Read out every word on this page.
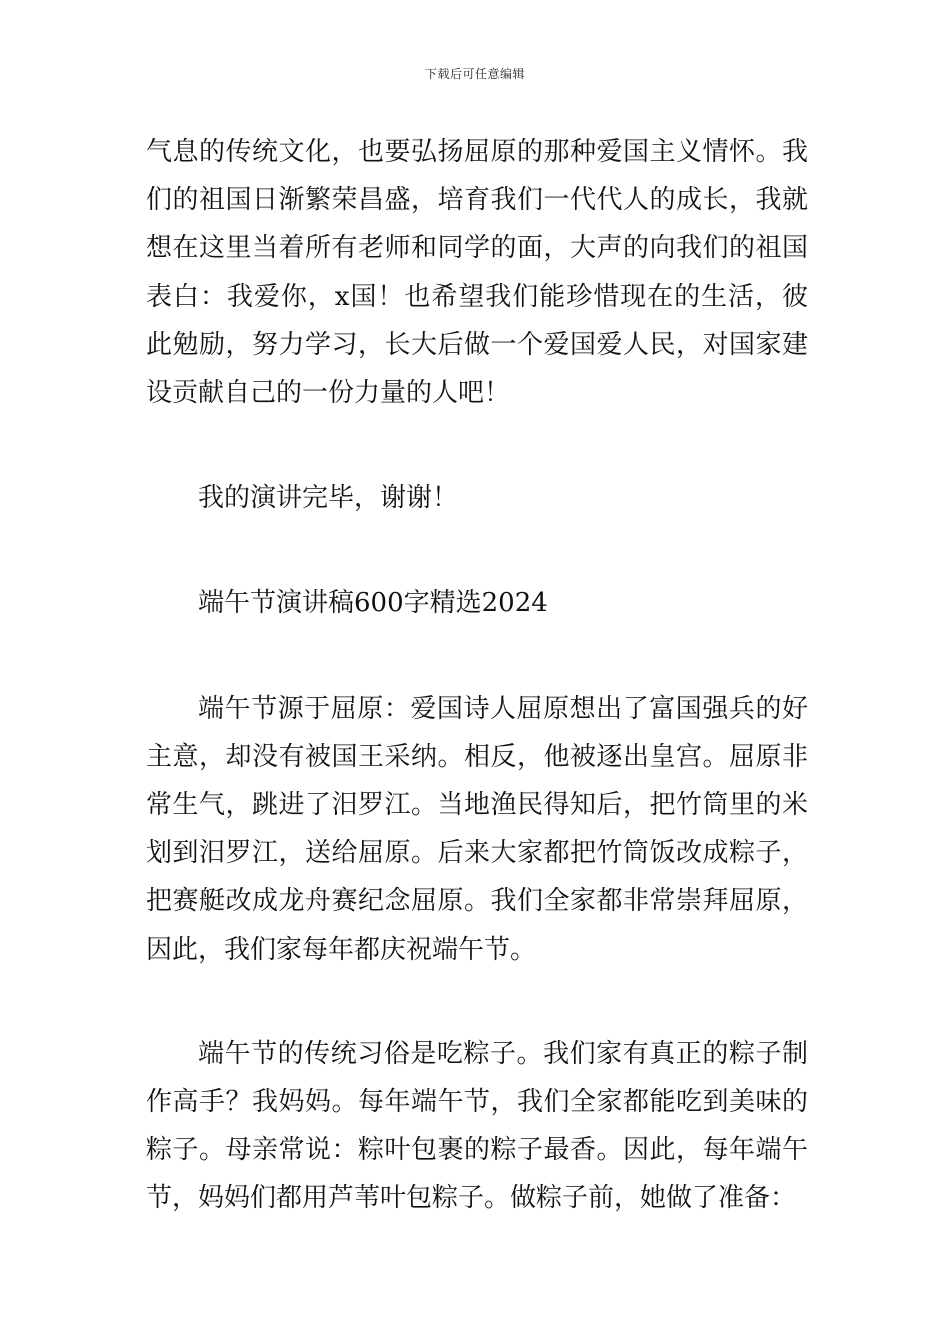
下载后可任意编辑

气息的传统文化，也要弘扬屈原的那种爱国主义情怀。我们的祖国日渐繁荣昌盛，培育我们一代代人的成长，我就想在这里当着所有老师和同学的面，大声的向我们的祖国表白：我爱你，x国！也希望我们能珍惜现在的生活，彼此勉励，努力学习，长大后做一个爱国爱人民，对国家建设贡献自己的一份力量的人吧！

我的演讲完毕，谢谢！

端午节演讲稿600字精选2024

端午节源于屈原：爱国诗人屈原想出了富国强兵的好主意，却没有被国王采纳。相反，他被逐出皇宫。屈原非常生气，跳进了汨罗江。当地渔民得知后，把竹筒里的米划到汨罗江，送给屈原。后来大家都把竹筒饭改成粽子，把赛艇改成龙舟赛纪念屈原。我们全家都非常崇拜屈原，因此，我们家每年都庆祝端午节。

端午节的传统习俗是吃粽子。我们家有真正的粽子制作高手？我妈妈。每年端午节，我们全家都能吃到美味的粽子。母亲常说：粽叶包裹的粽子最香。因此，每年端午节，妈妈们都用芦苇叶包粽子。做粽子前，她做了准备：
